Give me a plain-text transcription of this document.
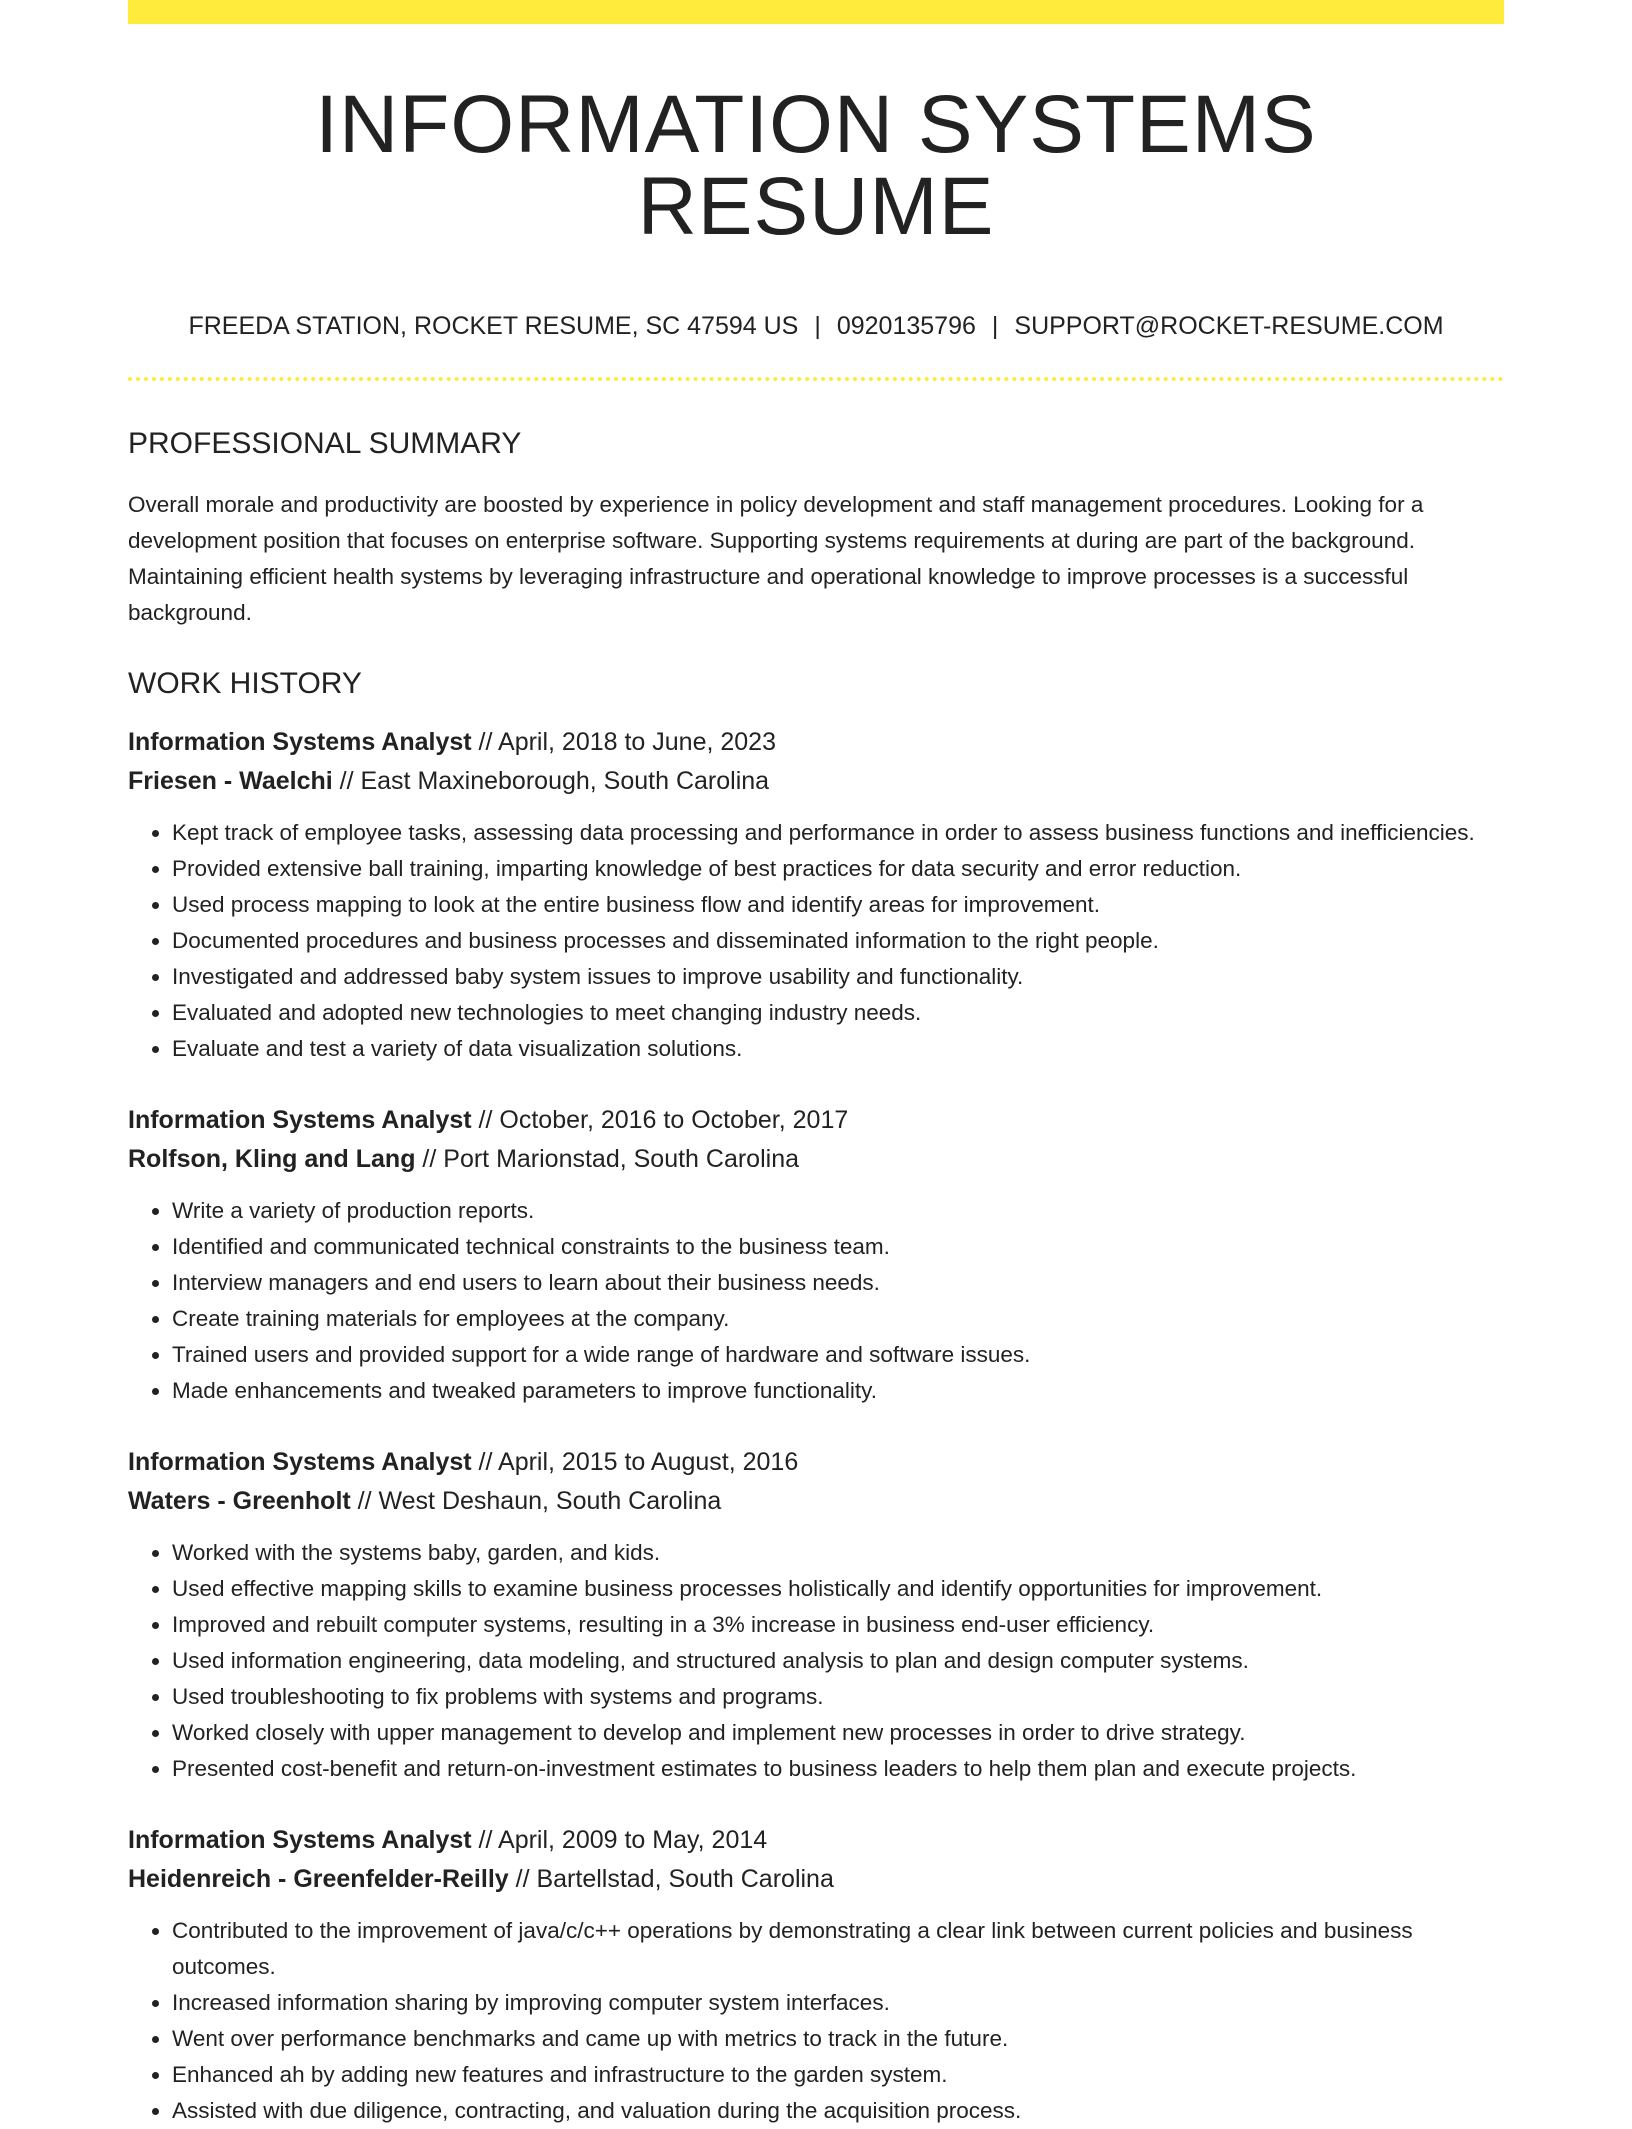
INFORMATION SYSTEMS RESUME
FREEDA STATION, ROCKET RESUME, SC 47594 US | 0920135796 | SUPPORT@ROCKET-RESUME.COM
PROFESSIONAL SUMMARY

Overall morale and productivity are boosted by experience in policy development and staff management procedures. Looking for a development position that focuses on enterprise software. Supporting systems requirements at during are part of the background. Maintaining efficient health systems by leveraging infrastructure and operational knowledge to improve processes is a successful background.

WORK HISTORY
Information Systems Analyst // April, 2018 to June, 2023
Friesen - Waelchi // East Maxineborough, South Carolina
• Kept track of employee tasks, assessing data processing and performance in order to assess business functions and inefficiencies.
• Provided extensive ball training, imparting knowledge of best practices for data security and error reduction.
• Used process mapping to look at the entire business flow and identify areas for improvement.
• Documented procedures and business processes and disseminated information to the right people.
• Investigated and addressed baby system issues to improve usability and functionality.
• Evaluated and adopted new technologies to meet changing industry needs.
• Evaluate and test a variety of data visualization solutions.
Information Systems Analyst // October, 2016 to October, 2017
Rolfson, Kling and Lang // Port Marionstad, South Carolina
• Write a variety of production reports.
• Identified and communicated technical constraints to the business team.
• Interview managers and end users to learn about their business needs.
• Create training materials for employees at the company.
• Trained users and provided support for a wide range of hardware and software issues.
• Made enhancements and tweaked parameters to improve functionality.
Information Systems Analyst // April, 2015 to August, 2016
Waters - Greenholt // West Deshaun, South Carolina
• Worked with the systems baby, garden, and kids.
• Used effective mapping skills to examine business processes holistically and identify opportunities for improvement.
• Improved and rebuilt computer systems, resulting in a 3% increase in business end-user efficiency.
• Used information engineering, data modeling, and structured analysis to plan and design computer systems.
• Used troubleshooting to fix problems with systems and programs.
• Worked closely with upper management to develop and implement new processes in order to drive strategy.
• Presented cost-benefit and return-on-investment estimates to business leaders to help them plan and execute projects.
Information Systems Analyst // April, 2009 to May, 2014
Heidenreich - Greenfelder-Reilly // Bartellstad, South Carolina
• Contributed to the improvement of java/c/c++ operations by demonstrating a clear link between current policies and business outcomes.
• Increased information sharing by improving computer system interfaces.
• Went over performance benchmarks and came up with metrics to track in the future.
• Enhanced ah by adding new features and infrastructure to the garden system.
• Assisted with due diligence, contracting, and valuation during the acquisition process.
